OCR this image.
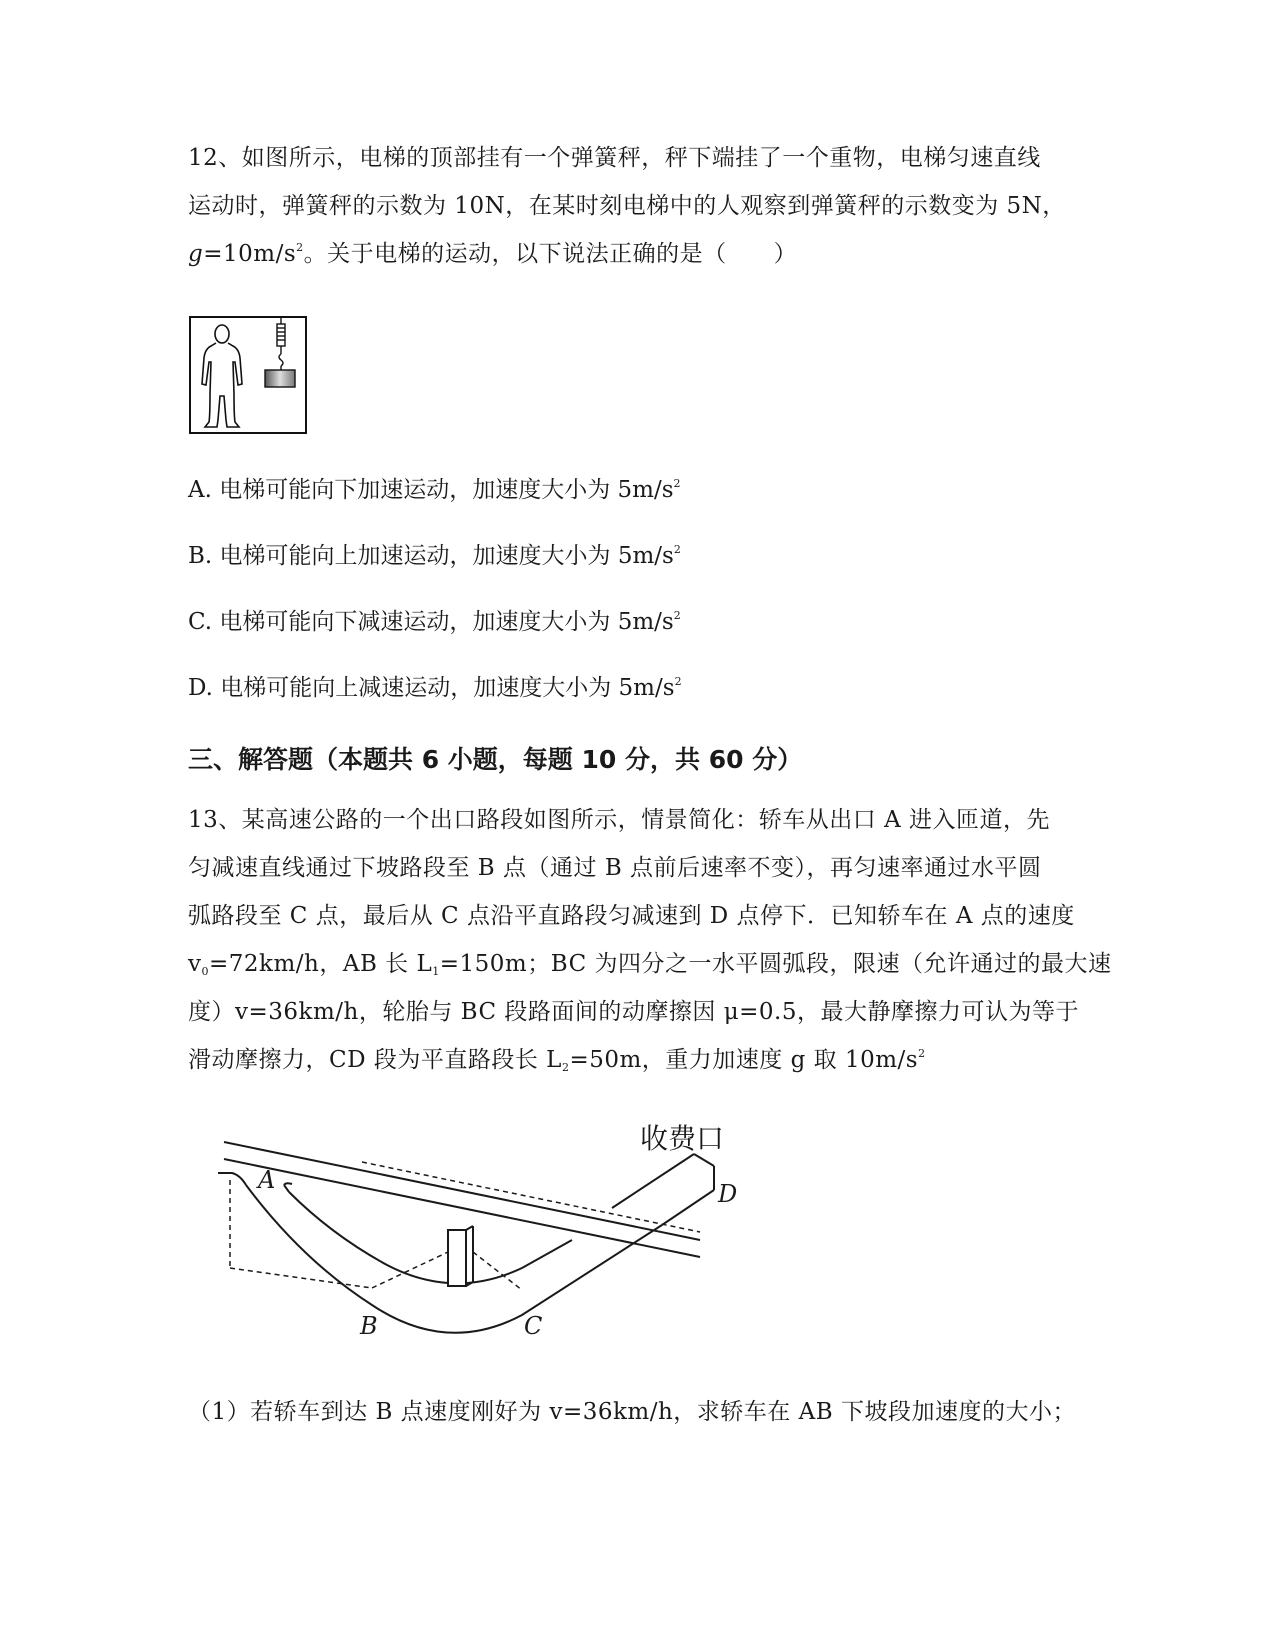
12、如图所示，电梯的顶部挂有一个弹簧秤，秤下端挂了一个重物，电梯匀速直线
运动时，弹簧秤的示数为 10N，在某时刻电梯中的人观察到弹簧秤的示数变为 5N，
$g=10m/s^2$。关于电梯的运动，以下说法正确的是（　　）
A. 电梯可能向下加速运动，加速度大小为 $5m/s^2$
B. 电梯可能向上加速运动，加速度大小为 $5m/s^2$
C. 电梯可能向下减速运动，加速度大小为 $5m/s^2$
D. 电梯可能向上减速运动，加速度大小为 $5m/s^2$
三、解答题（本题共 6 小题，每题 10 分，共 60 分）
13、某高速公路的一个出口路段如图所示，情景简化：轿车从出口 A 进入匝道，先
匀减速直线通过下坡路段至 B 点（通过 B 点前后速率不变），再匀速率通过水平圆
弧路段至 C 点，最后从 C 点沿平直路段匀减速到 D 点停下．已知轿车在 A 点的速度
$v_0=72km/h$，AB 长 $L_1=150m$；BC 为四分之一水平圆弧段，限速（允许通过的最大速
度）v=36km/h，轮胎与 BC 段路面间的动摩擦因 μ=0.5，最大静摩擦力可认为等于
滑动摩擦力，CD 段为平直路段长 $L_2=50m$，重力加速度 g 取 $10m/s^2$
收费口
A
B	C
D
（1）若轿车到达 B 点速度刚好为 v=36km/h，求轿车在 AB 下坡段加速度的大小；
